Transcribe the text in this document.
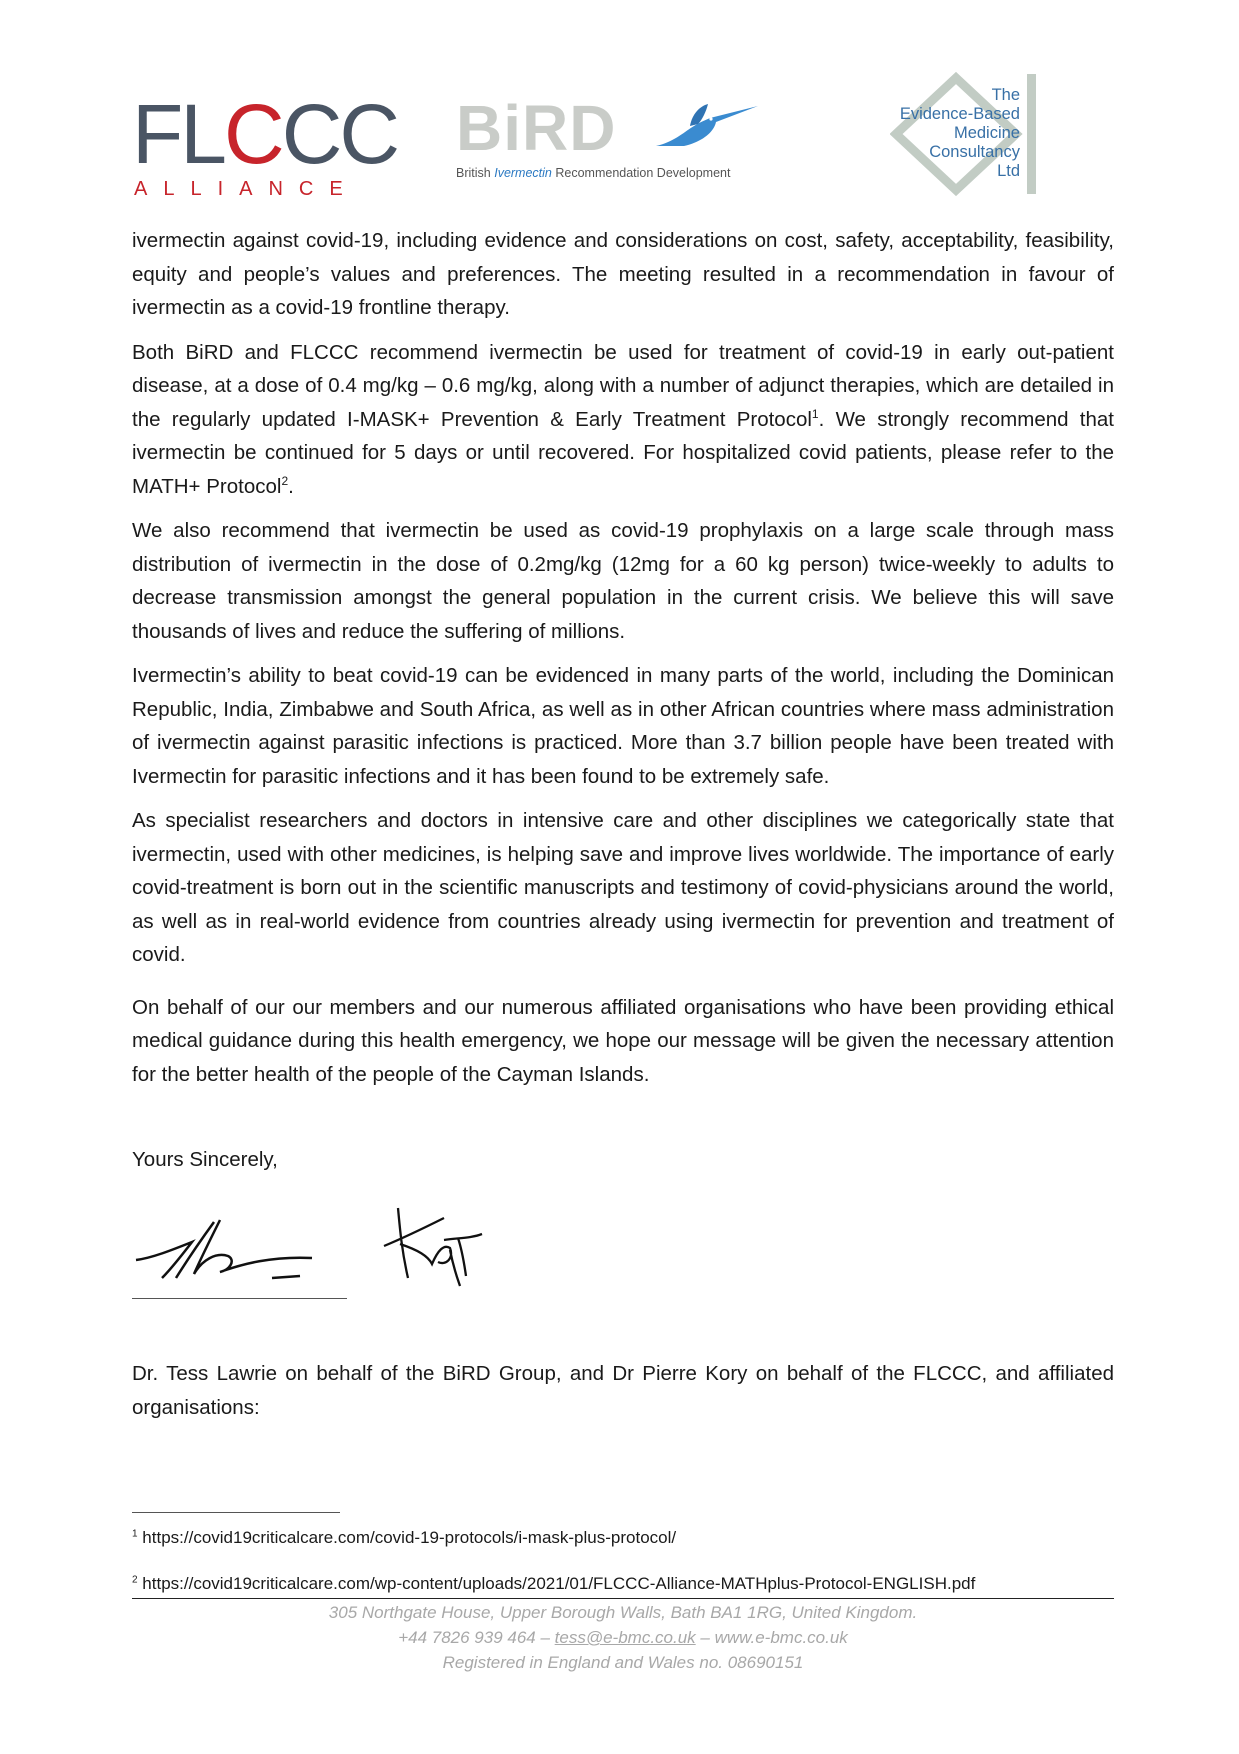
FLCCC
ALLIANCE
BiRD
British Ivermectin Recommendation Development
The
Evidence-Based
Medicine
Consultancy
Ltd

ivermectin against covid-19, including evidence and considerations on cost, safety, acceptability, feasibility, equity and people’s values and preferences. The meeting resulted in a recommendation in favour of ivermectin as a covid-19 frontline therapy.

Both BiRD and FLCCC recommend ivermectin be used for treatment of covid-19 in early out-patient disease, at a dose of 0.4 mg/kg – 0.6 mg/kg, along with a number of adjunct therapies, which are detailed in the regularly updated I-MASK+ Prevention & Early Treatment Protocol$^1$. We strongly recommend that ivermectin be continued for 5 days or until recovered. For hospitalized covid patients, please refer to the MATH+ Protocol$^2$.

We also recommend that ivermectin be used as covid-19 prophylaxis on a large scale through mass distribution of ivermectin in the dose of 0.2mg/kg (12mg for a 60 kg person) twice-weekly to adults to decrease transmission amongst the general population in the current crisis. We believe this will save thousands of lives and reduce the suffering of millions.

Ivermectin’s ability to beat covid-19 can be evidenced in many parts of the world, including the Dominican Republic, India, Zimbabwe and South Africa, as well as in other African countries where mass administration of ivermectin against parasitic infections is practiced. More than 3.7 billion people have been treated with Ivermectin for parasitic infections and it has been found to be extremely safe.

As specialist researchers and doctors in intensive care and other disciplines we categorically state that ivermectin, used with other medicines, is helping save and improve lives worldwide. The importance of early covid-treatment is born out in the scientific manuscripts and testimony of covid-physicians around the world, as well as in real-world evidence from countries already using ivermectin for prevention and treatment of covid.

On behalf of our our members and our numerous affiliated organisations who have been providing ethical medical guidance during this health emergency, we hope our message will be given the necessary attention for the better health of the people of the Cayman Islands.

Yours Sincerely,
Dr. Tess Lawrie on behalf of the BiRD Group, and Dr Pierre Kory on behalf of the FLCCC, and affiliated organisations:
$^1$ https://covid19criticalcare.com/covid-19-protocols/i-mask-plus-protocol/
$^2$ https://covid19criticalcare.com/wp-content/uploads/2021/01/FLCCC-Alliance-MATHplus-Protocol-ENGLISH.pdf
305 Northgate House, Upper Borough Walls, Bath BA1 1RG, United Kingdom.
+44 7826 939 464 – tess@e-bmc.co.uk – www.e-bmc.co.uk
Registered in England and Wales no. 08690151
